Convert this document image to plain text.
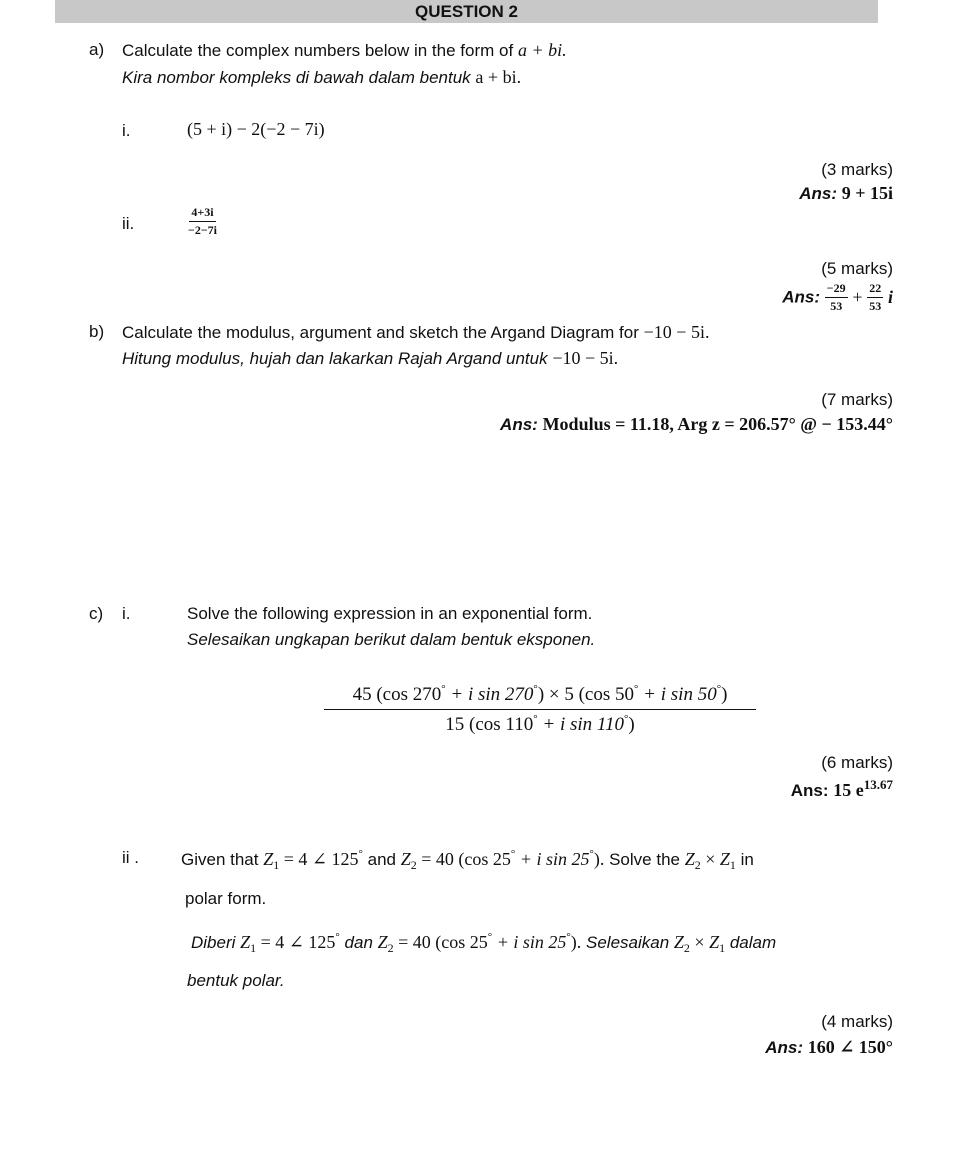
QUESTION 2
a) Calculate the complex numbers below in the form of a + bi.
Kira nombor kompleks di bawah dalam bentuk a + bi.
i.	(5 + i) − 2(−2 − 7i)
(3 marks)
Ans: 9 + 15i
ii.	$\frac{4+3i}{-2-7i}$
(5 marks)
Ans: $\frac{-29}{53} + \frac{22}{53}$ i
b) Calculate the modulus, argument and sketch the Argand Diagram for −10 − 5i.
Hitung modulus, hujah dan lakarkan Rajah Argand untuk −10 − 5i.
(7 marks)
Ans: Modulus = 11.18, Arg z = 206.57° @ − 153.44°
c) i.	Solve the following expression in an exponential form.
Selesaikan ungkapan berikut dalam bentuk eksponen.
$\frac{45 (\cos 270^\circ + i \sin 270^\circ) \times 5 (\cos 50^\circ + i \sin 50^\circ)}{15 (\cos 110^\circ + i \sin 110^\circ)}$
(6 marks)
Ans: 15 $e^{13.67}$
ii . Given that $Z_1 = 4$ ∠ 125° and $Z_2 = 40$ (cos 25° + i sin 25°). Solve the $Z_2 \times Z_1$ in
polar form.
Diberi $Z_1 = 4$ ∠ 125° dan $Z_2 = 40$ (cos 25° + i sin 25°). Selesaikan $Z_2 \times Z_1$ dalam
bentuk polar.
(4 marks)
Ans: 160 ∠ 150°
